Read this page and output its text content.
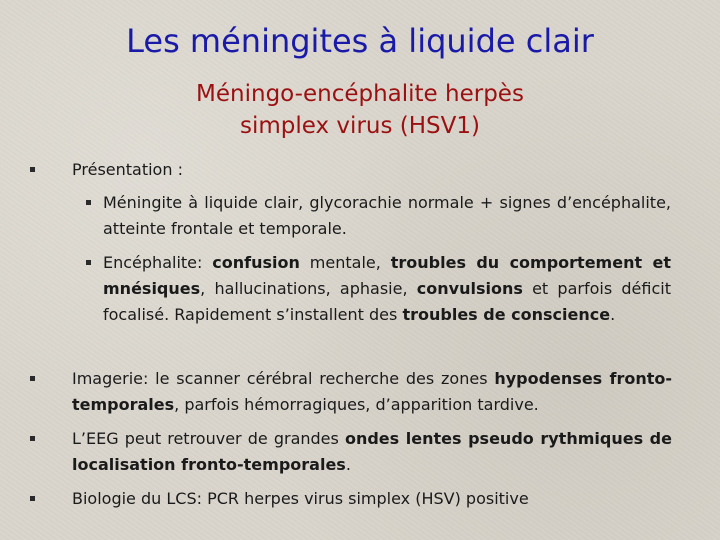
Les méningites à liquide clair
Méningo-encéphalite herpès
simplex virus (HSV1)
Présentation :
Méningite à liquide clair, glycorachie normale + signes d’encéphalite, atteinte frontale et temporale.
Encéphalite: confusion mentale, troubles du comportement et mnésiques, hallucinations, aphasie, convulsions et parfois déficit focalisé. Rapidement s’installent des troubles de conscience.
Imagerie: le scanner cérébral recherche des zones hypodenses fronto-temporales, parfois hémorragiques, d’apparition tardive.
L’EEG peut retrouver de grandes ondes lentes pseudo rythmiques de localisation fronto-temporales.
Biologie du LCS: PCR herpes virus simplex (HSV) positive
